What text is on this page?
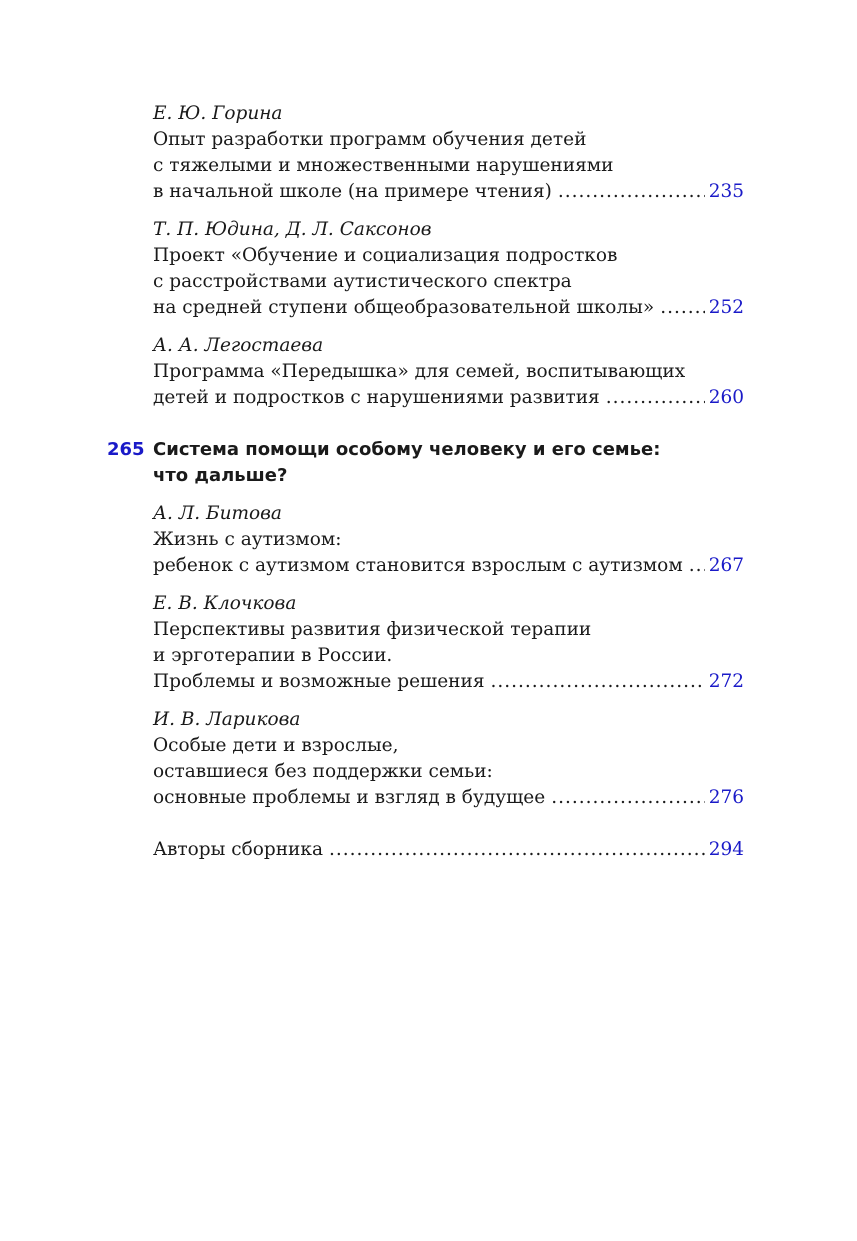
Е. Ю. Горина
Опыт разработки программ обучения детей
с тяжелыми и множественными нарушениями
в начальной школе (на примере чтения) .....	235
Т. П. Юдина, Д. Л. Саксонов
Проект «Обучение и социализация подростков
с расстройствами аутистического спектра
на средней ступени общеобразовательной школы» .....	252
А. А. Легостаева
Программа «Передышка» для семей, воспитывающих
детей и подростков с нарушениями развития .....	260
265 Система помощи особому человеку и его семье:
что дальше?
А. Л. Битова
Жизнь с аутизмом:
ребенок с аутизмом становится взрослым с аутизмом ..... 267
Е. В. Клочкова
Перспективы развития физической терапии
и эрготерапии в России.
Проблемы и возможные решения .....	272
И. В. Ларикова
Особые дети и взрослые,
оставшиеся без поддержки семьи:
основные проблемы и взгляд в будущее .....	276
Авторы сборника .....	294
